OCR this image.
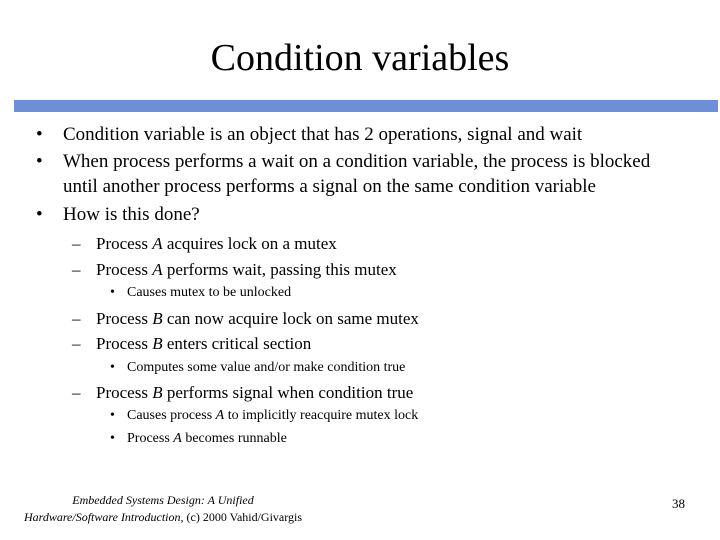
Condition variables
•	Condition variable is an object that has 2 operations, signal and wait
•	When process performs a wait on a condition variable, the process is blocked
until another process performs a signal on the same condition variable
•	How is this done?
– Process A acquires lock on a mutex
– Process A performs wait, passing this mutex
• Causes mutex to be unlocked
– Process B can now acquire lock on same mutex
– Process B enters critical section
• Computes some value and/or make condition true
– Process B performs signal when condition true
• Causes process A to implicitly reacquire mutex lock
• Process A becomes runnable
Embedded Systems Design: A Unified
Hardware/Software Introduction, (c) 2000 Vahid/Givargis
38
